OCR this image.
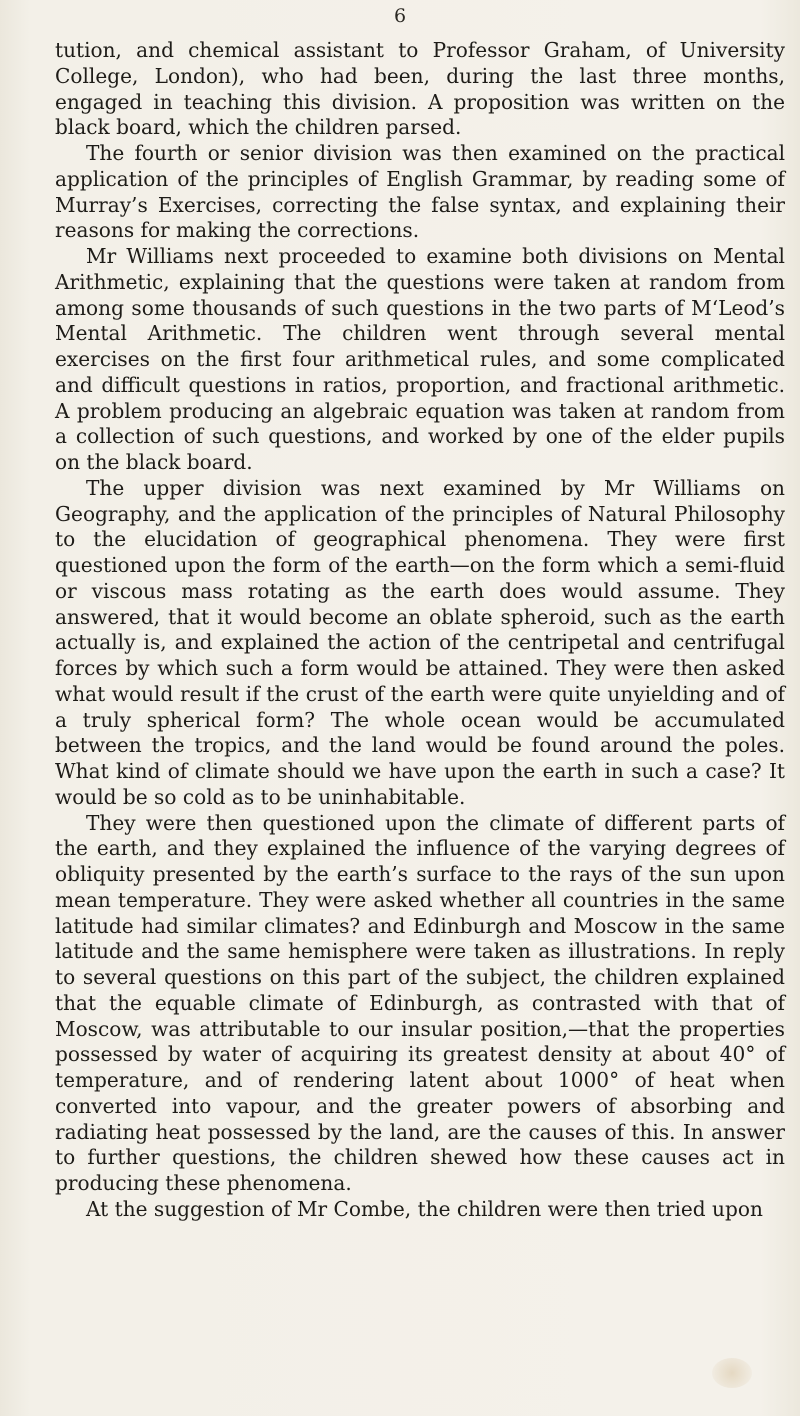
6

tution, and chemical assistant to Professor Graham, of University College, London), who had been, during the last three months, engaged in teaching this division. A proposition was written on the black board, which the children parsed.

The fourth or senior division was then examined on the practical application of the principles of English Grammar, by reading some of Murray’s Exercises, correcting the false syntax, and explaining their reasons for making the corrections.

Mr Williams next proceeded to examine both divisions on Mental Arithmetic, explaining that the questions were taken at random from among some thousands of such questions in the two parts of M‘Leod’s Mental Arithmetic. The children went through several mental exercises on the first four arithmetical rules, and some complicated and difficult questions in ratios, proportion, and fractional arithmetic. A problem producing an algebraic equation was taken at random from a collection of such questions, and worked by one of the elder pupils on the black board.

The upper division was next examined by Mr Williams on Geography, and the application of the principles of Natural Philosophy to the elucidation of geographical phenomena. They were first questioned upon the form of the earth—on the form which a semi-fluid or viscous mass rotating as the earth does would assume. They answered, that it would become an oblate spheroid, such as the earth actually is, and explained the action of the centripetal and centrifugal forces by which such a form would be attained. They were then asked what would result if the crust of the earth were quite unyielding and of a truly spherical form? The whole ocean would be accumulated between the tropics, and the land would be found around the poles. What kind of climate should we have upon the earth in such a case? It would be so cold as to be uninhabitable.

They were then questioned upon the climate of different parts of the earth, and they explained the influence of the varying degrees of obliquity presented by the earth’s surface to the rays of the sun upon mean temperature. They were asked whether all countries in the same latitude had similar climates? and Edinburgh and Moscow in the same latitude and the same hemisphere were taken as illustrations. In reply to several questions on this part of the subject, the children explained that the equable climate of Edinburgh, as contrasted with that of Moscow, was attributable to our insular position,—that the properties possessed by water of acquiring its greatest density at about 40° of temperature, and of rendering latent about 1000° of heat when converted into vapour, and the greater powers of absorbing and radiating heat possessed by the land, are the causes of this. In answer to further questions, the children shewed how these causes act in producing these phenomena.

At the suggestion of Mr Combe, the children were then tried upon
